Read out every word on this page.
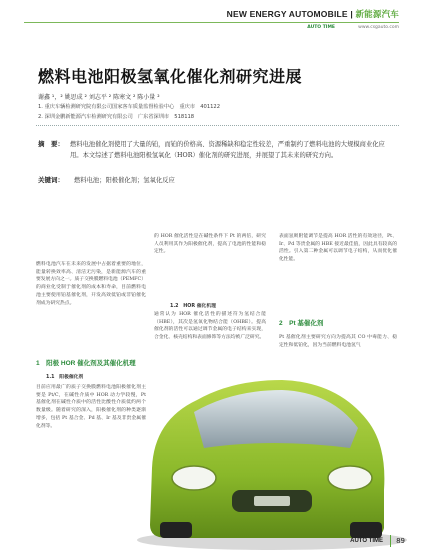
NEW ENERGY AUTOMOBILE | 新能源汽车
AUTO TIME	www.csgauto.com
燃料电池阳极氢氧化催化剂研究进展
谢鑫 ¹，² 姚思成 ² 刘志平 ² 陈寒文 ² 陈小量 ²
1. 重庆车辆检测研究院有限公司国家客车质量监督检验中心　重庆市　401122
2. 深圳金鹏新能源汽车检测研究有限公司　广东省深圳市　518118
摘　要： 燃料电池催化剂使用了大量的铂，而铂的价格高、资源稀缺和稳定性较差，严重制约了燃料电池的大规模商业化应用。本文综述了燃料电池阳极氢氧化（HOR）催化剂的研究进展，并展望了其未来的研究方向。
关键词： 燃料电池；阳极催化剂；氢氧化反应
燃料电池汽车在未来的发展中占据着重要的地位，能量转换效率高、清洁无污染，是新能源汽车的重要发展方向之一。质子交换膜燃料电池（PEMFC）的商业化受制于催化剂的成本和寿命，目前燃料电池主要使用铂基催化剂，开发高效低铂或非铂催化剂成为研究热点。
1　阳极 HOR 催化剂及其催化机理
1.1　阳极催化剂
目前应用最广的质子交换膜燃料电池阳极催化剂主要是 Pt/C，在碱性介质中 HOR 动力学较慢，Pt 基催化剂在碱性介质中的活性比酸性介质低约两个数量级。随着研究的深入，阳极催化剂的种类逐渐增多，包括 Pt 基合金、Pd 基、Ir 基及非贵金属催化剂等。
的 HOR 催化活性是在碱性条件下 Pt 的两倍，研究人员利用其作为阳极催化剂，提高了电池的性能和稳定性。
1.2　HOR 催化机理
通常认为 HOR 催化活性的描述符为氢结合能（HBE），其次是氢氧化物结合能（OHBE）。提高催化剂的活性可以通过调节金属的电子结构来实现，合金化、核壳结构和表面修饰等方法均被广泛研究。
表面氢吸附能调节是提高 HOR 活性的有效途径，Pt、Ir、Pd 等贵金属的 HBE 接近最佳值，因此具有较高的活性。引入第二种金属可以调节电子结构，从而优化催化性能。
2　Pt 基催化剂
Pt 基催化剂主要研究方向为提高其 CO 中毒能力、稳定性和低铂化，因为当前燃料电池氢气
AUTO TIME 89
